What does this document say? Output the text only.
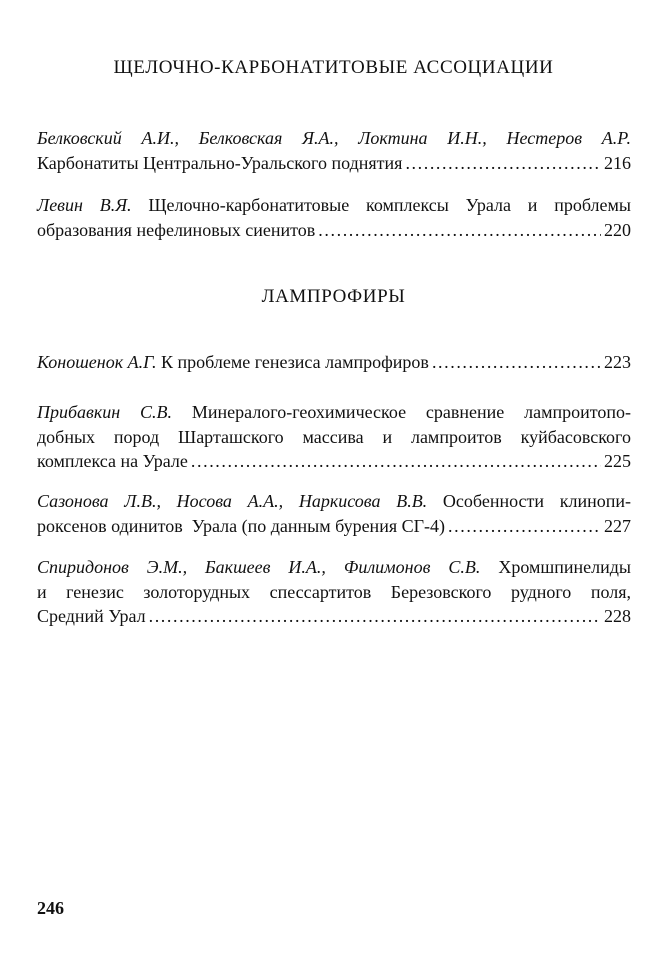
ЩЕЛОЧНО-КАРБОНАТИТОВЫЕ АССОЦИАЦИИ
Белковский А.И., Белковская Я.А., Локтина И.Н., Нестеров А.Р.
Карбонатиты Центрально-Уральского поднятия .....	216
Левин В.Я. Щелочно-карбонатитовые комплексы Урала и проблемы
образования нефелиновых сиенитов .....	220
ЛАМПРОФИРЫ
Коношенок А.Г. К проблеме генезиса лампрофиров .....	223
Прибавкин С.В. Минералого-геохимическое сравнение лампроитопо-
добных пород Шарташского массива и лампроитов куйбасовского
комплекса на Урале .....	225
Сазонова Л.В., Носова А.А., Наркисова В.В. Особенности клинопи-
роксенов одинитов  Урала (по данным бурения СГ-4) .....	227
Спиридонов Э.М., Бакшеев И.А., Филимонов С.В. Хромшпинелиды
и генезис золоторудных спессартитов Березовского рудного поля,
Средний Урал .....	228
246
